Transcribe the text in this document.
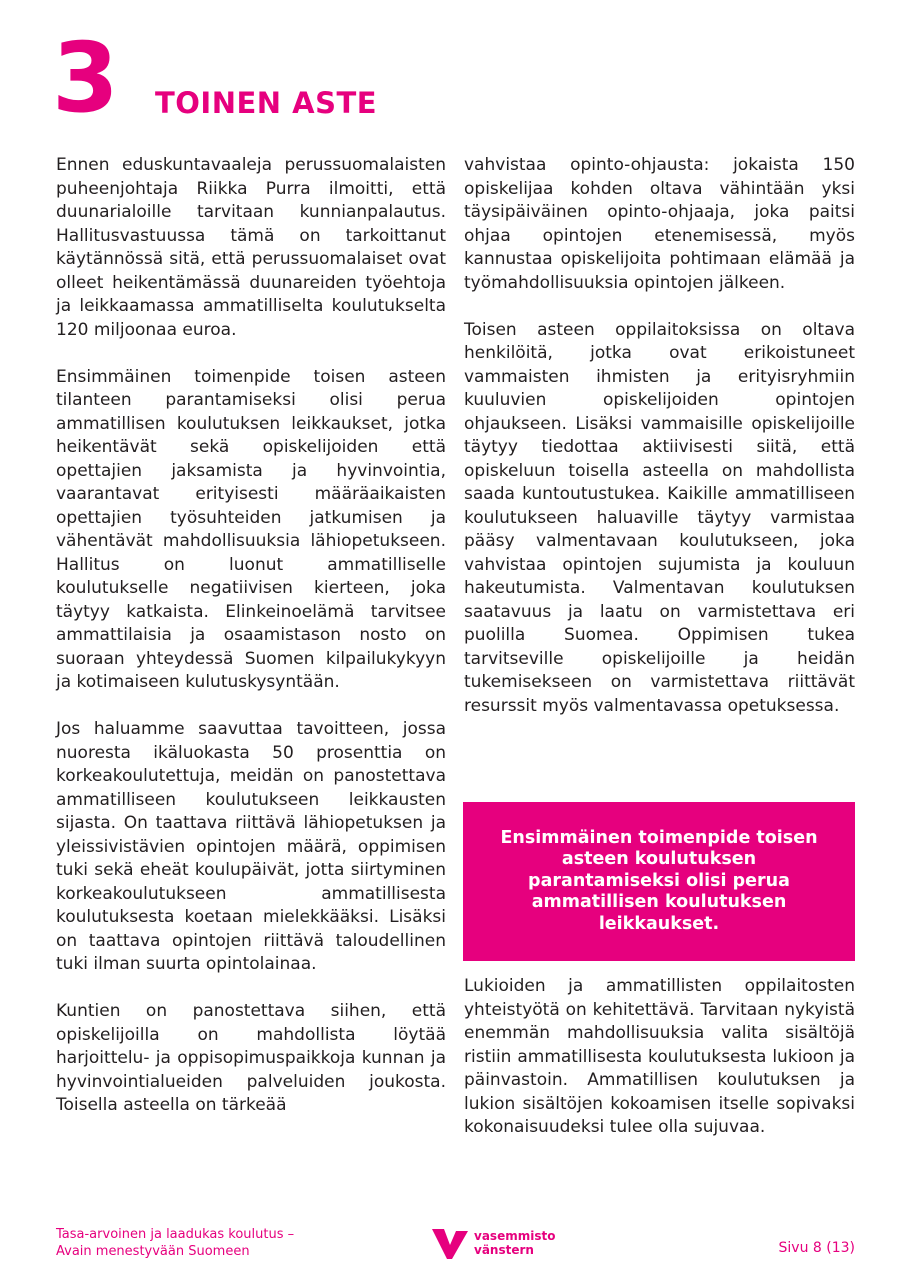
3 TOINEN ASTE

Ennen eduskuntavaaleja perussuomalaisten puheenjohtaja Riikka Purra ilmoitti, että duunarialoille tarvitaan kunnianpalautus. Hallitusvastuussa tämä on tarkoittanut käytännössä sitä, että perussuomalaiset ovat olleet heikentämässä duunareiden työehtoja ja leikkaamassa ammatilliselta koulutukselta 120 miljoonaa euroa.

Ensimmäinen toimenpide toisen asteen tilanteen parantamiseksi olisi perua ammatillisen koulutuksen leikkaukset, jotka heikentävät sekä opiskelijoiden että opettajien jaksamista ja hyvinvointia, vaarantavat erityisesti määräaikaisten opettajien työsuhteiden jatkumisen ja vähentävät mahdollisuuksia lähiopetukseen. Hallitus on luonut ammatilliselle koulutukselle negatiivisen kierteen, joka täytyy katkaista. Elinkeinoelämä tarvitsee ammattilaisia ja osaamistason nosto on suoraan yhteydessä Suomen kilpailukykyyn ja kotimaiseen kulutuskysyntään.

Jos haluamme saavuttaa tavoitteen, jossa nuoresta ikäluokasta 50 prosenttia on korkeakoulutettuja, meidän on panostettava ammatilliseen koulutukseen leikkausten sijasta. On taattava riittävä lähiopetuksen ja yleissivistävien opintojen määrä, oppimisen tuki sekä eheät koulupäivät, jotta siirtyminen korkeakoulutukseen ammatillisesta koulutuksesta koetaan mielekkääksi. Lisäksi on taattava opintojen riittävä taloudellinen tuki ilman suurta opintolainaa.

Kuntien on panostettava siihen, että opiskelijoilla on mahdollista löytää harjoittelu- ja oppisopimuspaikkoja kunnan ja hyvinvointialueiden palveluiden joukosta. Toisella asteella on tärkeää

vahvistaa opinto-ohjausta: jokaista 150 opiskelijaa kohden oltava vähintään yksi täysipäiväinen opinto-ohjaaja, joka paitsi ohjaa opintojen etenemisessä, myös kannustaa opiskelijoita pohtimaan elämää ja työmahdollisuuksia opintojen jälkeen.

Toisen asteen oppilaitoksissa on oltava henkilöitä, jotka ovat erikoistuneet vammaisten ihmisten ja erityisryhmiin kuuluvien opiskelijoiden opintojen ohjaukseen. Lisäksi vammaisille opiskelijoille täytyy tiedottaa aktiivisesti siitä, että opiskeluun toisella asteella on mahdollista saada kuntoutustukea. Kaikille ammatilliseen koulutukseen haluaville täytyy varmistaa pääsy valmentavaan koulutukseen, joka vahvistaa opintojen sujumista ja kouluun hakeutumista. Valmentavan koulutuksen saatavuus ja laatu on varmistettava eri puolilla Suomea. Oppimisen tukea tarvitseville opiskelijoille ja heidän tukemisekseen on varmistettava riittävät resurssit myös valmentavassa opetuksessa.

Ensimmäinen toimenpide toisen asteen koulutuksen parantamiseksi olisi perua ammatillisen koulutuksen leikkaukset.

Lukioiden ja ammatillisten oppilaitosten yhteistyötä on kehitettävä. Tarvitaan nykyistä enemmän mahdollisuuksia valita sisältöjä ristiin ammatillisesta koulutuksesta lukioon ja päinvastoin. Ammatillisen koulutuksen ja lukion sisältöjen kokoamisen itselle sopivaksi kokonaisuudeksi tulee olla sujuvaa.

Tasa-arvoinen ja laadukas koulutus –
Avain menestyvään Suomeen
vasemmisto
vänstern	Sivu 8 (13)
